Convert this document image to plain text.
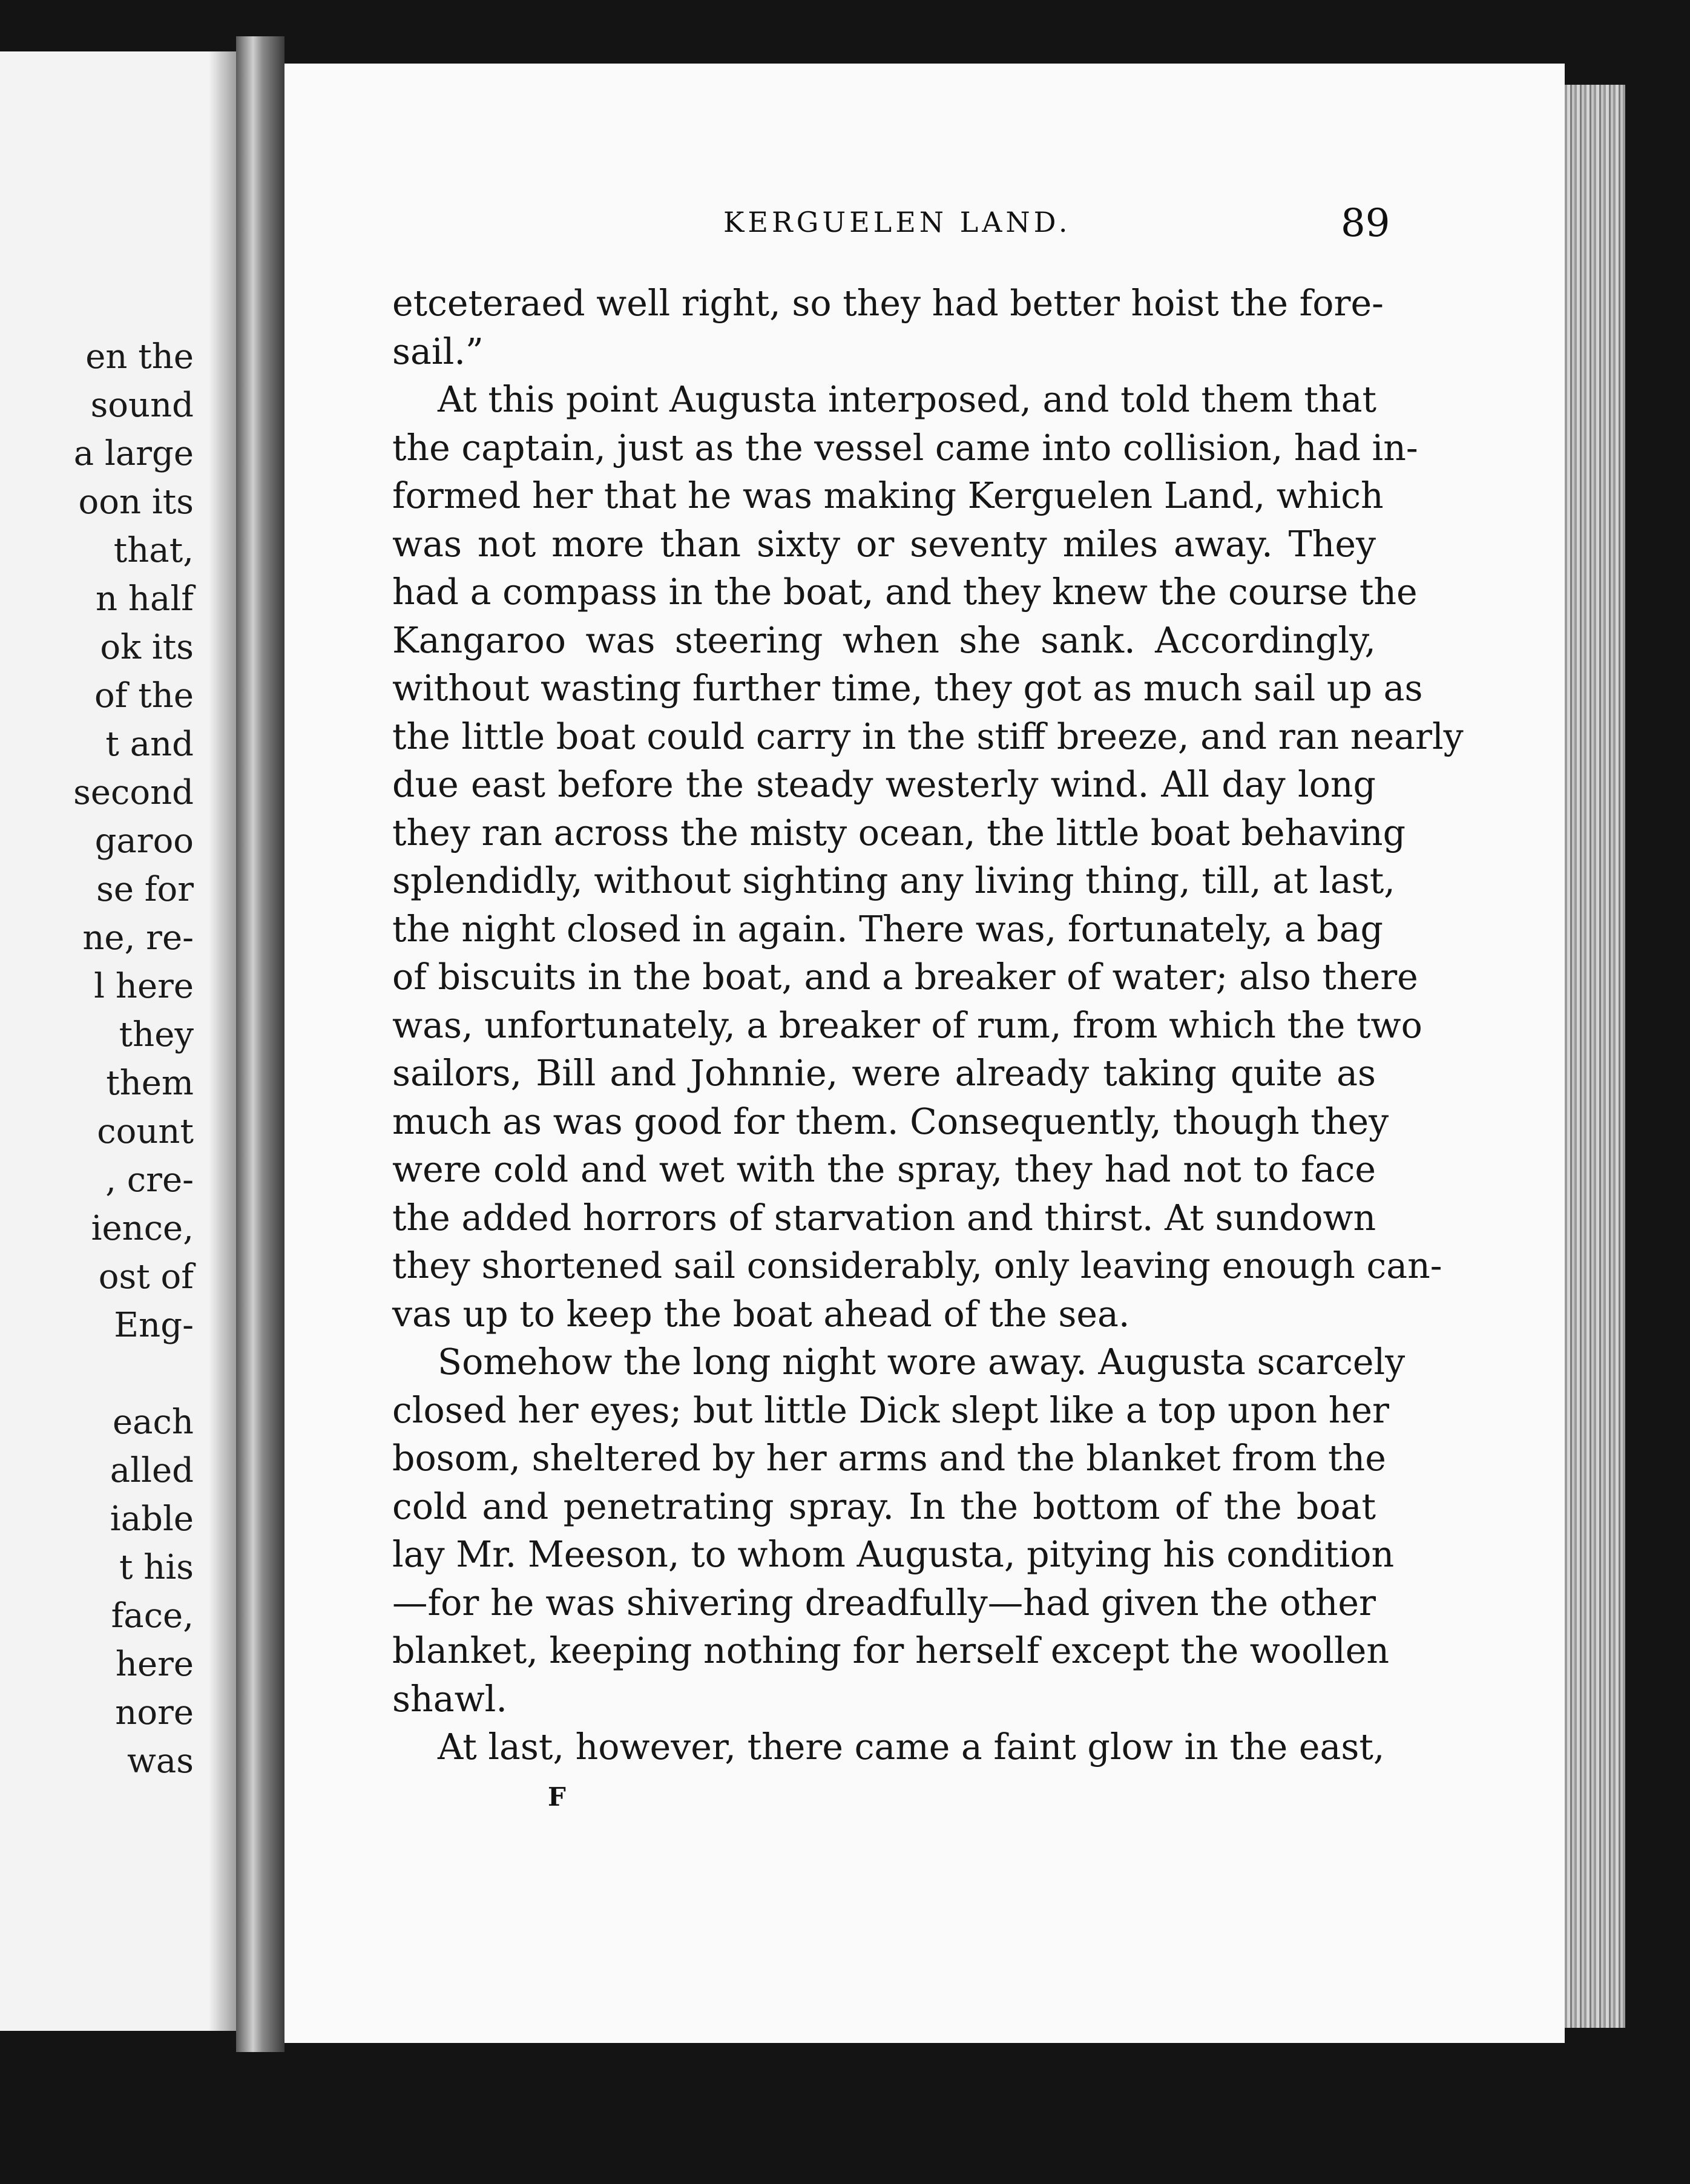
en the
sound
a large
oon its
that,
n half
ok its
of the
t and
second
garoo
se for
ne, re-
l here
they
them
count
, cre-
ience,
ost of
Eng-

each
alled
iable
t his
face,
here
nore
was
KERGUELEN LAND.	89
etceteraed well right, so they had better hoist the fore-
sail.”
At this point Augusta interposed, and told them that
the captain, just as the vessel came into collision, had in-
formed her that he was making Kerguelen Land, which
was not more than sixty or seventy miles away. They
had a compass in the boat, and they knew the course the
Kangaroo was steering when she sank. Accordingly,
without wasting further time, they got as much sail up as
the little boat could carry in the stiff breeze, and ran nearly
due east before the steady westerly wind. All day long
they ran across the misty ocean, the little boat behaving
splendidly, without sighting any living thing, till, at last,
the night closed in again. There was, fortunately, a bag
of biscuits in the boat, and a breaker of water; also there
was, unfortunately, a breaker of rum, from which the two
sailors, Bill and Johnnie, were already taking quite as
much as was good for them. Consequently, though they
were cold and wet with the spray, they had not to face
the added horrors of starvation and thirst. At sundown
they shortened sail considerably, only leaving enough can-
vas up to keep the boat ahead of the sea.
Somehow the long night wore away. Augusta scarcely
closed her eyes; but little Dick slept like a top upon her
bosom, sheltered by her arms and the blanket from the
cold and penetrating spray. In the bottom of the boat
lay Mr. Meeson, to whom Augusta, pitying his condition
—for he was shivering dreadfully—had given the other
blanket, keeping nothing for herself except the woollen
shawl.
At last, however, there came a faint glow in the east,
F
